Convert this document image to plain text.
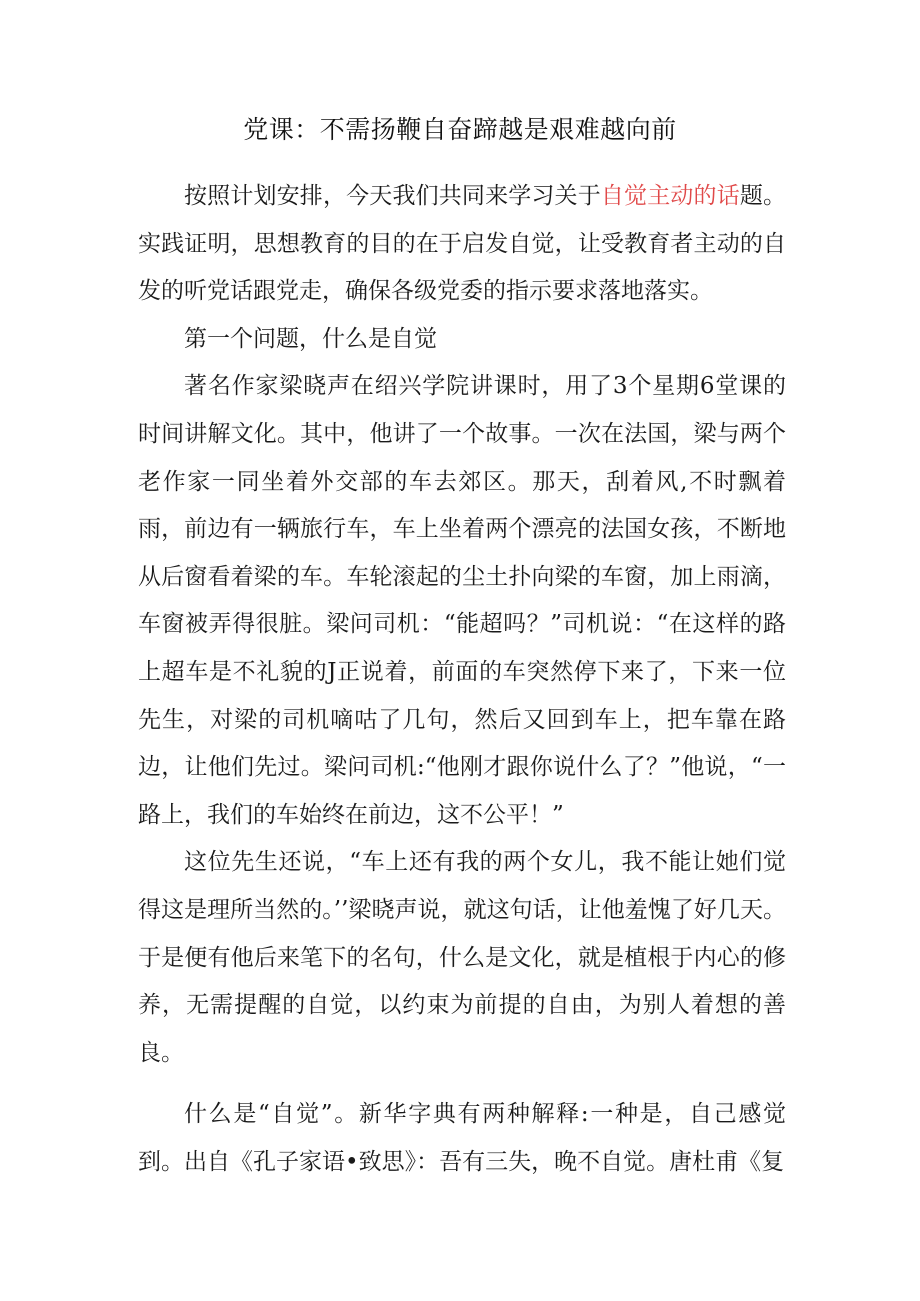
党课：不需扬鞭自奋蹄越是艰难越向前

按照计划安排，今天我们共同来学习关于自觉主动的话题。实践证明，思想教育的目的在于启发自觉，让受教育者主动的自发的听党话跟党走，确保各级党委的指示要求落地落实。

第一个问题，什么是自觉

著名作家梁晓声在绍兴学院讲课时，用了3个星期6堂课的时间讲解文化。其中，他讲了一个故事。一次在法国，梁与两个老作家一同坐着外交部的车去郊区。那天，刮着风,不时飘着雨，前边有一辆旅行车，车上坐着两个漂亮的法国女孩，不断地从后窗看着梁的车。车轮滚起的尘土扑向梁的车窗，加上雨滴，车窗被弄得很脏。梁问司机：“能超吗？”司机说：“在这样的路上超车是不礼貌的J正说着，前面的车突然停下来了，下来一位先生，对梁的司机嘀咕了几句，然后又回到车上，把车靠在路边，让他们先过。梁问司机:“他刚才跟你说什么了？”他说，“一路上，我们的车始终在前边，这不公平！”

这位先生还说，“车上还有我的两个女儿，我不能让她们觉得这是理所当然的。’’梁晓声说，就这句话，让他羞愧了好几天。于是便有他后来笔下的名句，什么是文化，就是植根于内心的修养，无需提醒的自觉，以约束为前提的自由，为别人着想的善良。

什么是“自觉”。新华字典有两种解释:一种是，自己感觉到。出自《孔子家语•致思》：吾有三失，晚不自觉。唐杜甫《复
